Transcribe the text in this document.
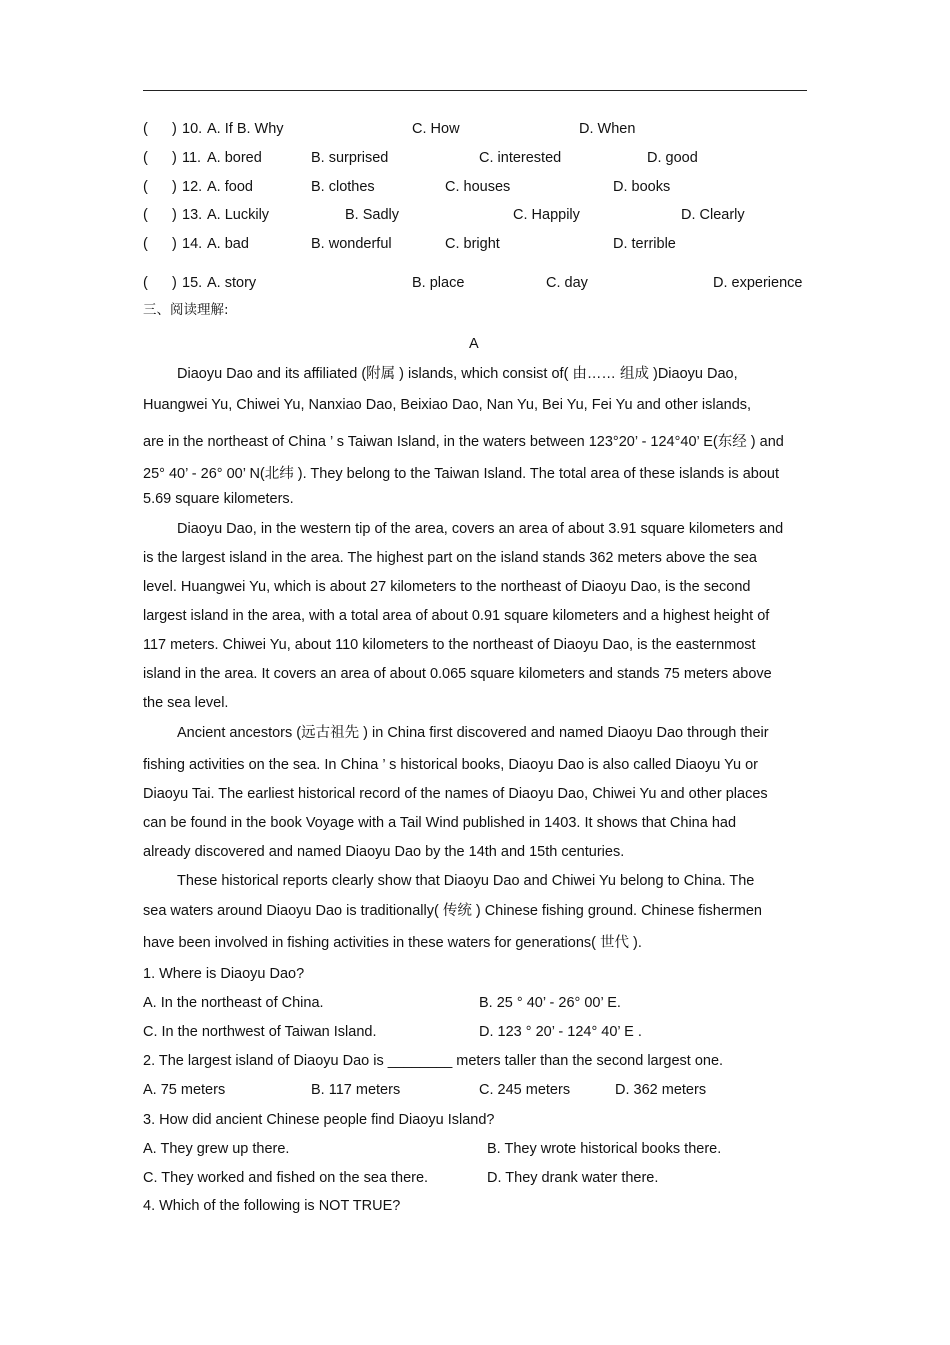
( ) 10. A. If B. Why	C. How	D. When
( ) 11. A. bored	B. surprised	C. interested	D. good
( ) 12. A. food	B. clothes	C. houses	D. books
( ) 13. A. Luckily	B. Sadly	C. Happily	D. Clearly
( ) 14. A. bad	B. wonderful	C. bright	D. terrible
( ) 15. A. story	B. place	C. day	D. experience
三、阅读理解:
A
Diaoyu Dao and its affiliated (附属 ) islands, which consist of( 由…… 组成 )Diaoyu Dao,
Huangwei Yu, Chiwei Yu, Nanxiao Dao, Beixiao Dao, Nan Yu, Bei Yu, Fei Yu and other islands,
are in the northeast of China ’ s Taiwan Island, in the waters between 123°20’ - 124°40’ E(东经 ) and 25° 40’ - 26° 00’ N(北纬 ). They belong to the Taiwan Island. The total area of these islands is about
5.69 square kilometers.
Diaoyu Dao, in the western tip of the area, covers an area of about 3.91 square kilometers and
is the largest island in the area. The highest part on the island stands 362 meters above the sea
level. Huangwei Yu, which is about 27 kilometers to the northeast of Diaoyu Dao, is the second
largest island in the area, with a total area of about 0.91 square kilometers and a highest height of
117 meters. Chiwei Yu, about 110 kilometers to the northeast of Diaoyu Dao, is the easternmost
island in the area. It covers an area of about 0.065 square kilometers and stands 75 meters above
the sea level.
Ancient ancestors (远古祖先 ) in China first discovered and named Diaoyu Dao through their
fishing activities on the sea. In China ’ s historical books, Diaoyu Dao is also called Diaoyu Yu or
Diaoyu Tai. The earliest historical record of the names of Diaoyu Dao, Chiwei Yu and other places
can be found in the book Voyage with a Tail Wind published in 1403. It shows that China had
already discovered and named Diaoyu Dao by the 14th and 15th centuries.
These historical reports clearly show that Diaoyu Dao and Chiwei Yu belong to China. The
sea waters around Diaoyu Dao is traditionally( 传统 ) Chinese fishing ground. Chinese fishermen
have been involved in fishing activities in these waters for generations( 世代 ).
1. Where is Diaoyu Dao?
A. In the northeast of China.	B. 25 ° 40’ - 26° 00’ E.
C. In the northwest of Taiwan Island.	D. 123 ° 20’ - 124° 40’ E .
2. The largest island of Diaoyu Dao is ________ meters taller than the second largest one.
A. 75 meters	B. 117 meters	C. 245 meters	D. 362 meters
3. How did ancient Chinese people find Diaoyu Island?
A. They grew up there.	B. They wrote historical books there.
C. They worked and fished on the sea there.	D. They drank water there.
4. Which of the following is NOT TRUE?
